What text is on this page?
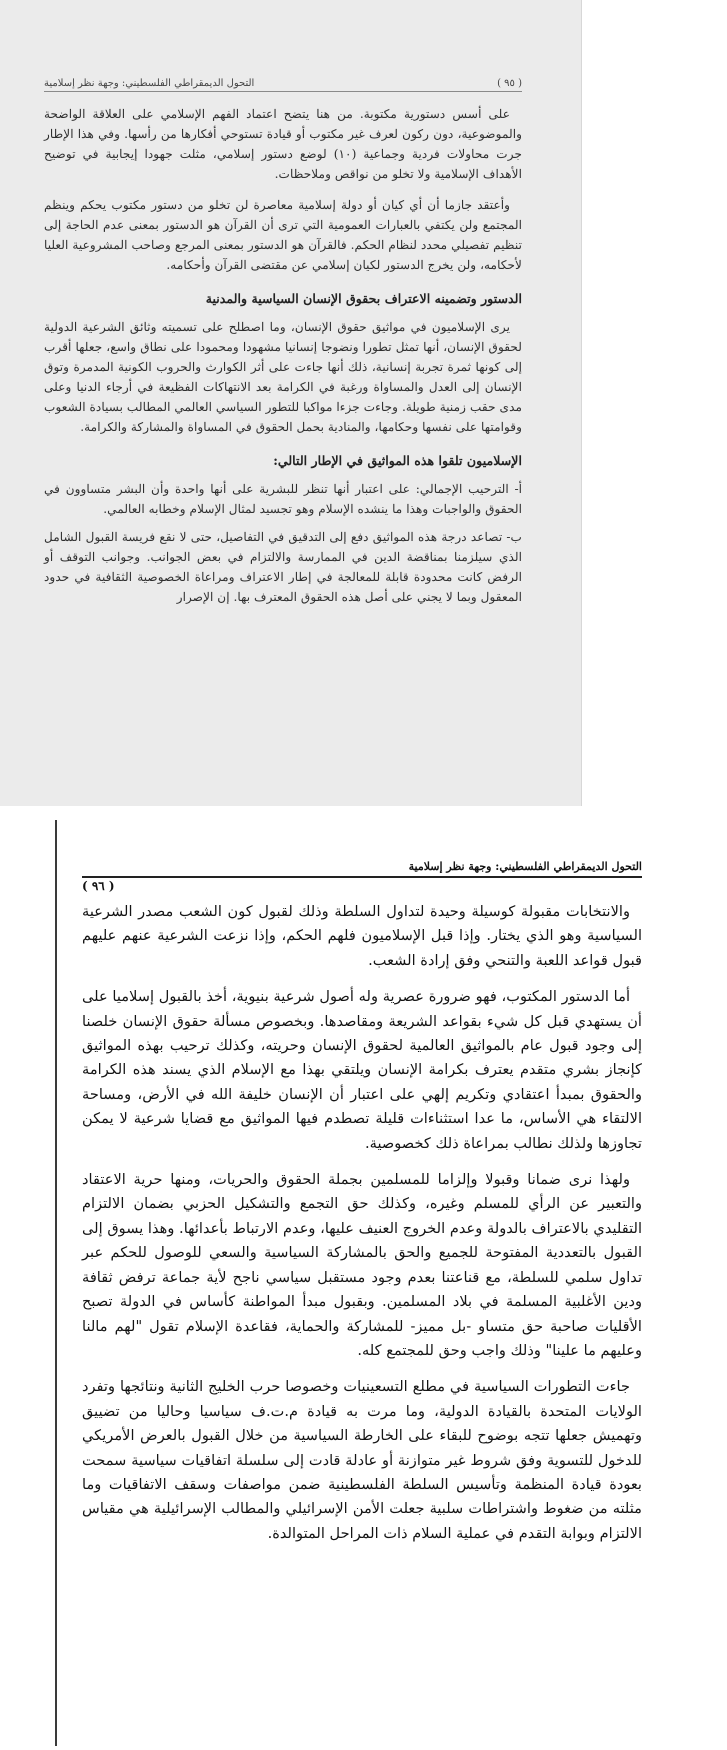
( ٩٥ )
التحول الديمقراطي الفلسطيني: وجهة نظر إسلامية

على أسس دستورية مكتوبة. من هنا يتضح اعتماد الفهم الإسلامي على العلاقة الواضحة والموضوعية، دون ركون لعرف غير مكتوب أو قيادة تستوحي أفكارها من رأسها. وفي هذا الإطار جرت محاولات فردية وجماعية (١٠) لوضع دستور إسلامي، مثلت جهودا إيجابية في توضيح الأهداف الإسلامية ولا تخلو من نواقص وملاحظات.

وأعتقد جازما أن أي كيان أو دولة إسلامية معاصرة لن تخلو من دستور مكتوب يحكم وينظم المجتمع ولن يكتفي بالعبارات العمومية التي ترى أن القرآن هو الدستور بمعنى عدم الحاجة إلى تنظيم تفصيلي محدد لنظام الحكم. فالقرآن هو الدستور بمعنى المرجع وصاحب المشروعية العليا لأحكامه، ولن يخرج الدستور لكيان إسلامي عن مقتضى القرآن وأحكامه.

الدستور وتضمينه الاعتراف بحقوق الإنسان السياسية والمدنية

يرى الإسلاميون في مواثيق حقوق الإنسان، وما اصطلح على تسميته وثائق الشرعية الدولية لحقوق الإنسان، أنها تمثل تطورا ونضوجا إنسانيا مشهودا ومحمودا على نطاق واسع، جعلها أقرب إلى كونها ثمرة تجربة إنسانية، ذلك أنها جاءت على أثر الكوارث والحروب الكونية المدمرة وتوق الإنسان إلى العدل والمساواة ورغبة في الكرامة بعد الانتهاكات الفظيعة في أرجاء الدنيا وعلى مدى حقب زمنية طويلة. وجاءت جزءا مواكبا للتطور السياسي العالمي المطالب بسيادة الشعوب وقوامتها على نفسها وحكامها، والمنادية بحمل الحقوق في المساواة والمشاركة والكرامة.

الإسلاميون تلقوا هذه المواثيق في الإطار التالي:

أ- الترحيب الإجمالي: على اعتبار أنها تنظر للبشرية على أنها واحدة وأن البشر متساوون في الحقوق والواجبات وهذا ما ينشده الإسلام وهو تجسيد لمثال الإسلام وخطابه العالمي.

ب- تصاعد درجة هذه المواثيق دفع إلى التدقيق في التفاصيل، حتى لا نقع فريسة القبول الشامل الذي سيلزمنا بمناقضة الدين في الممارسة والالتزام في بعض الجوانب. وجوانب التوقف أو الرفض كانت محدودة قابلة للمعالجة في إطار الاعتراف ومراعاة الخصوصية الثقافية في حدود المعقول وبما لا يجني على أصل هذه الحقوق المعترف بها. إن الإصرار

التحول الديمقراطي الفلسطيني: وجهة نظر إسلامية
( ٩٦ )

والانتخابات مقبولة كوسيلة وحيدة لتداول السلطة وذلك لقبول كون الشعب مصدر الشرعية السياسية وهو الذي يختار. وإذا قبل الإسلاميون فلهم الحكم، وإذا نزعت الشرعية عنهم عليهم قبول قواعد اللعبة والتنحي وفق إرادة الشعب.

أما الدستور المكتوب، فهو ضرورة عصرية وله أصول شرعية بنيوية، أخذ بالقبول إسلاميا على أن يستهدي قبل كل شيء بقواعد الشريعة ومقاصدها. وبخصوص مسألة حقوق الإنسان خلصنا إلى وجود قبول عام بالمواثيق العالمية لحقوق الإنسان وحريته، وكذلك ترحيب بهذه المواثيق كإنجاز بشري متقدم يعترف بكرامة الإنسان ويلتقي بهذا مع الإسلام الذي يسند هذه الكرامة والحقوق بمبدأ اعتقادي وتكريم إلهي على اعتبار أن الإنسان خليفة الله في الأرض، ومساحة الالتقاء هي الأساس، ما عدا استثناءات قليلة تصطدم فيها المواثيق مع قضايا شرعية لا يمكن تجاوزها ولذلك نطالب بمراعاة ذلك كخصوصية.

ولهذا نرى ضمانا وقبولا وإلزاما للمسلمين بجملة الحقوق والحريات، ومنها حرية الاعتقاد والتعبير عن الرأي للمسلم وغيره، وكذلك حق التجمع والتشكيل الحزبي بضمان الالتزام التقليدي بالاعتراف بالدولة وعدم الخروج العنيف عليها، وعدم الارتباط بأعدائها. وهذا يسوق إلى القبول بالتعددية المفتوحة للجميع والحق بالمشاركة السياسية والسعي للوصول للحكم عبر تداول سلمي للسلطة، مع قناعتنا بعدم وجود مستقبل سياسي ناجح لأية جماعة ترفض ثقافة ودين الأغلبية المسلمة في بلاد المسلمين. وبقبول مبدأ المواطنة كأساس في الدولة تصبح الأقليات صاحبة حق متساو -بل مميز- للمشاركة والحماية، فقاعدة الإسلام تقول "لهم مالنا وعليهم ما علينا" وذلك واجب وحق للمجتمع كله.

جاءت التطورات السياسية في مطلع التسعينيات وخصوصا حرب الخليج الثانية ونتائجها وتفرد الولايات المتحدة بالقيادة الدولية، وما مرت به قيادة م.ت.ف سياسيا وحاليا من تضييق وتهميش جعلها تتجه بوضوح للبقاء على الخارطة السياسية من خلال القبول بالعرض الأمريكي للدخول للتسوية وفق شروط غير متوازنة أو عادلة قادت إلى سلسلة اتفاقيات سياسية سمحت بعودة قيادة المنظمة وتأسيس السلطة الفلسطينية ضمن مواصفات وسقف الاتفاقيات وما مثلته من ضغوط واشتراطات سلبية جعلت الأمن الإسرائيلي والمطالب الإسرائيلية هي مقياس الالتزام وبوابة التقدم في عملية السلام ذات المراحل المتوالدة.
